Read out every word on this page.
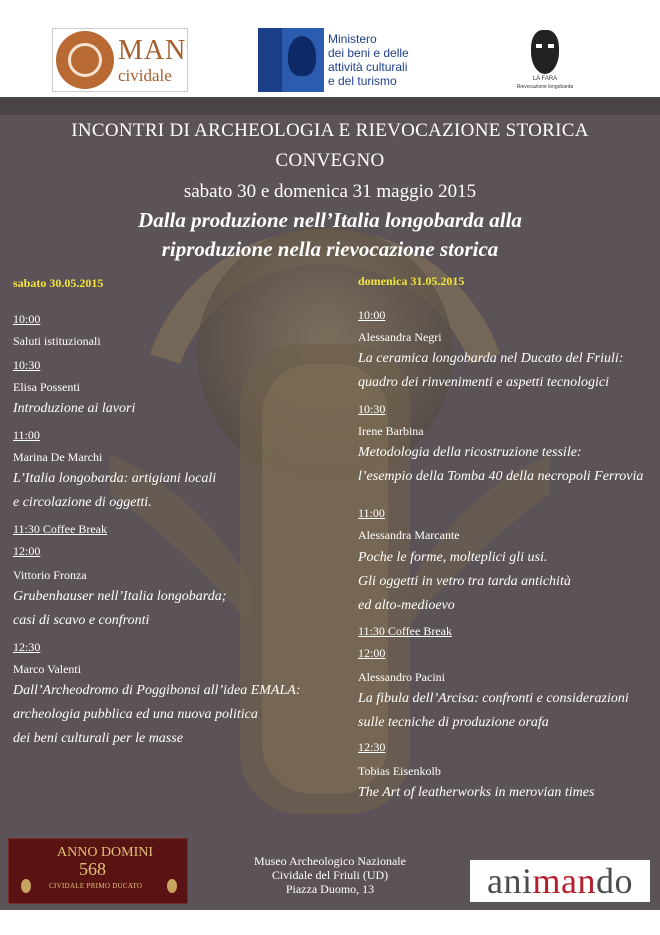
MAN
cividale	MiBACT	Ministero
dei beni e delle
attività culturali
e del turismo	LA FARA
Rievocazione longobarda
INCONTRI DI ARCHEOLOGIA E RIEVOCAZIONE STORICA
CONVEGNO
sabato 30 e domenica 31 maggio 2015
Dalla produzione nell’Italia longobarda alla
riproduzione nella rievocazione storica
sabato 30.05.2015
10:00
Saluti istituzionali
10:30
Elisa Possenti
Introduzione ai lavori
11:00
Marina De Marchi
L’Italia longobarda: artigiani locali
e circolazione di oggetti.
11:30 Coffee Break
12:00
Vittorio Fronza
Grubenhauser nell’Italia longobarda;
casi di scavo e confronti
12:30
Marco Valenti
Dall’Archeodromo di Poggibonsi all’idea EMALA:
archeologia pubblica ed una nuova politica
dei beni culturali per le masse
domenica 31.05.2015
10:00
Alessandra Negri
La ceramica longobarda nel Ducato del Friuli:
quadro dei rinvenimenti e aspetti tecnologici
10:30
Irene Barbina
Metodologia della ricostruzione tessile:
l’esempio della Tomba 40 della necropoli Ferrovia
11:00
Alessandra Marcante
Poche le forme, molteplici gli usi.
Gli oggetti in vetro tra tarda antichità
ed alto-medioevo
11:30 Coffee Break
12:00
Alessandro Pacini
La fibula dell’Arcisa: confronti e considerazioni
sulle tecniche di produzione orafa
12:30
Tobias Eisenkolb
The Art of leatherworks in merovian times
ANNO DOMINI
568
CIVIDALE PRIMO DUCATO
Museo Archeologico Nazionale
Cividale del Friuli (UD)
Piazza Duomo, 13	animando
